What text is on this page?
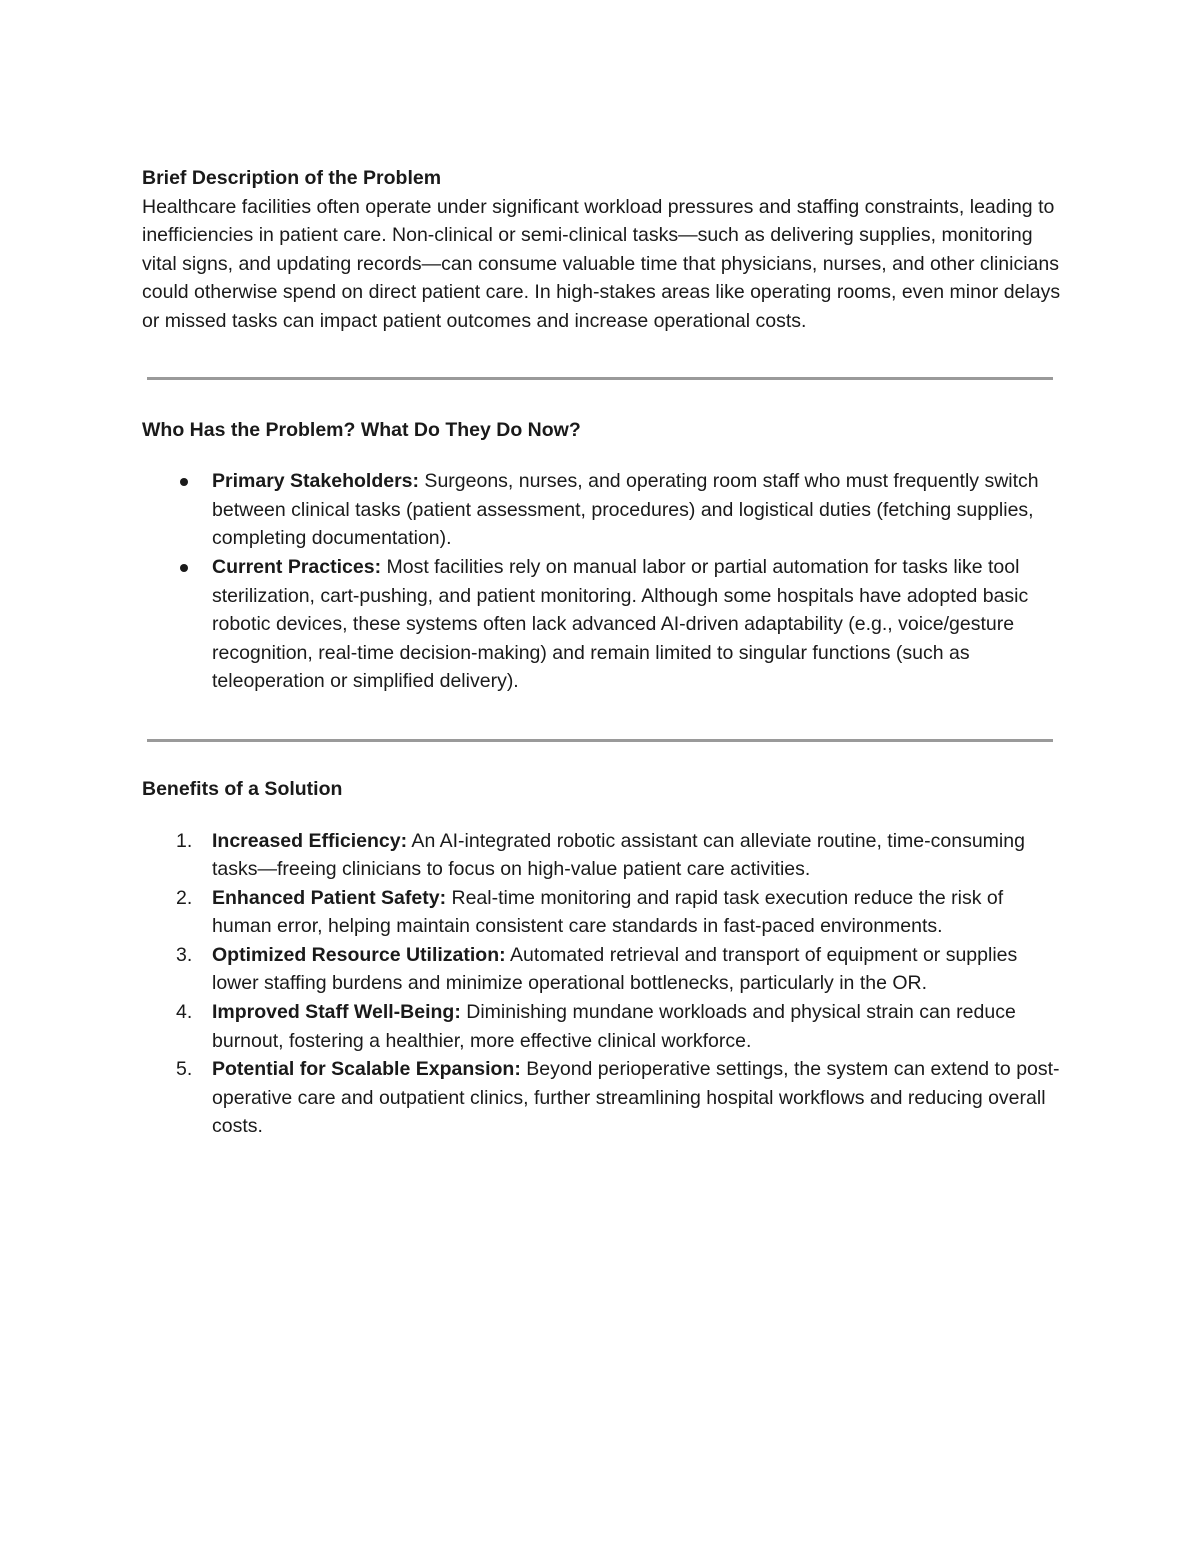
Brief Description of the Problem

Healthcare facilities often operate under significant workload pressures and staffing constraints, leading to inefficiencies in patient care. Non-clinical or semi-clinical tasks—such as delivering supplies, monitoring vital signs, and updating records—can consume valuable time that physicians, nurses, and other clinicians could otherwise spend on direct patient care. In high-stakes areas like operating rooms, even minor delays or missed tasks can impact patient outcomes and increase operational costs.

Who Has the Problem? What Do They Do Now?
Primary Stakeholders: Surgeons, nurses, and operating room staff who must frequently switch between clinical tasks (patient assessment, procedures) and logistical duties (fetching supplies, completing documentation).
Current Practices: Most facilities rely on manual labor or partial automation for tasks like tool sterilization, cart-pushing, and patient monitoring. Although some hospitals have adopted basic robotic devices, these systems often lack advanced AI-driven adaptability (e.g., voice/gesture recognition, real-time decision-making) and remain limited to singular functions (such as teleoperation or simplified delivery).
Benefits of a Solution
1. Increased Efficiency: An AI-integrated robotic assistant can alleviate routine, time-consuming tasks—freeing clinicians to focus on high-value patient care activities.
2. Enhanced Patient Safety: Real-time monitoring and rapid task execution reduce the risk of human error, helping maintain consistent care standards in fast-paced environments.
3. Optimized Resource Utilization: Automated retrieval and transport of equipment or supplies lower staffing burdens and minimize operational bottlenecks, particularly in the OR.
4. Improved Staff Well-Being: Diminishing mundane workloads and physical strain can reduce burnout, fostering a healthier, more effective clinical workforce.
5. Potential for Scalable Expansion: Beyond perioperative settings, the system can extend to post-operative care and outpatient clinics, further streamlining hospital workflows and reducing overall costs.
